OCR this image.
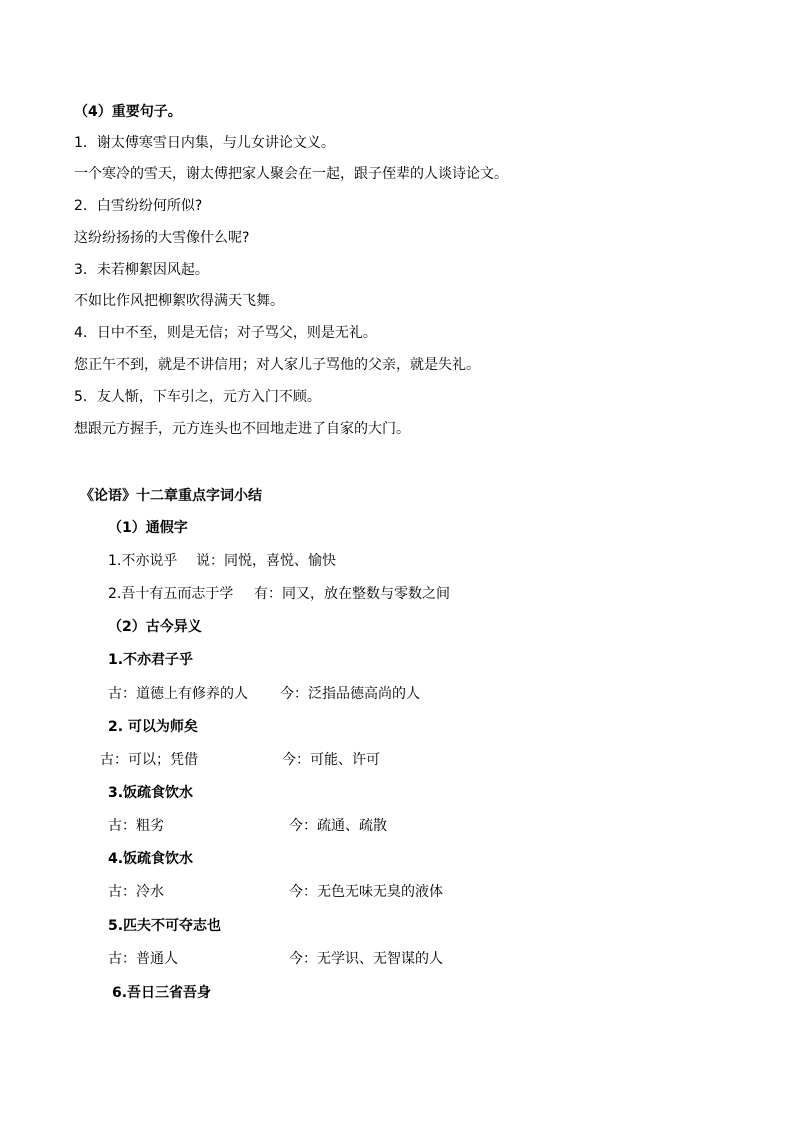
（4）重要句子。
1．谢太傅寒雪日内集，与儿女讲论文义。
一个寒冷的雪天，谢太傅把家人聚会在一起，跟子侄辈的人谈诗论文。
2．白雪纷纷何所似?
这纷纷扬扬的大雪像什么呢?
3．未若柳絮因风起。
不如比作风把柳絮吹得满天飞舞。
4．日中不至，则是无信；对子骂父，则是无礼。
您正午不到，就是不讲信用；对人家儿子骂他的父亲，就是失礼。
5．友人惭，下车引之，元方入门不顾。
想跟元方握手，元方连头也不回地走进了自家的大门。
《论语》十二章重点字词小结
（1）通假字
1.不亦说乎 说：同悦，喜悦、愉快
2.吾十有五而志于学 有：同又，放在整数与零数之间
（2）古今异义
1.不亦君子乎
古：道德上有修养的人 今：泛指品德高尚的人
2. 可以为师矣
古：可以；凭借	今：可能、许可
3.饭疏食饮水
古：粗劣	今：疏通、疏散
4.饭疏食饮水
古：冷水	今：无色无味无臭的液体
5.匹夫不可夺志也
古：普通人	今：无学识、无智谋的人
6.吾日三省吾身
